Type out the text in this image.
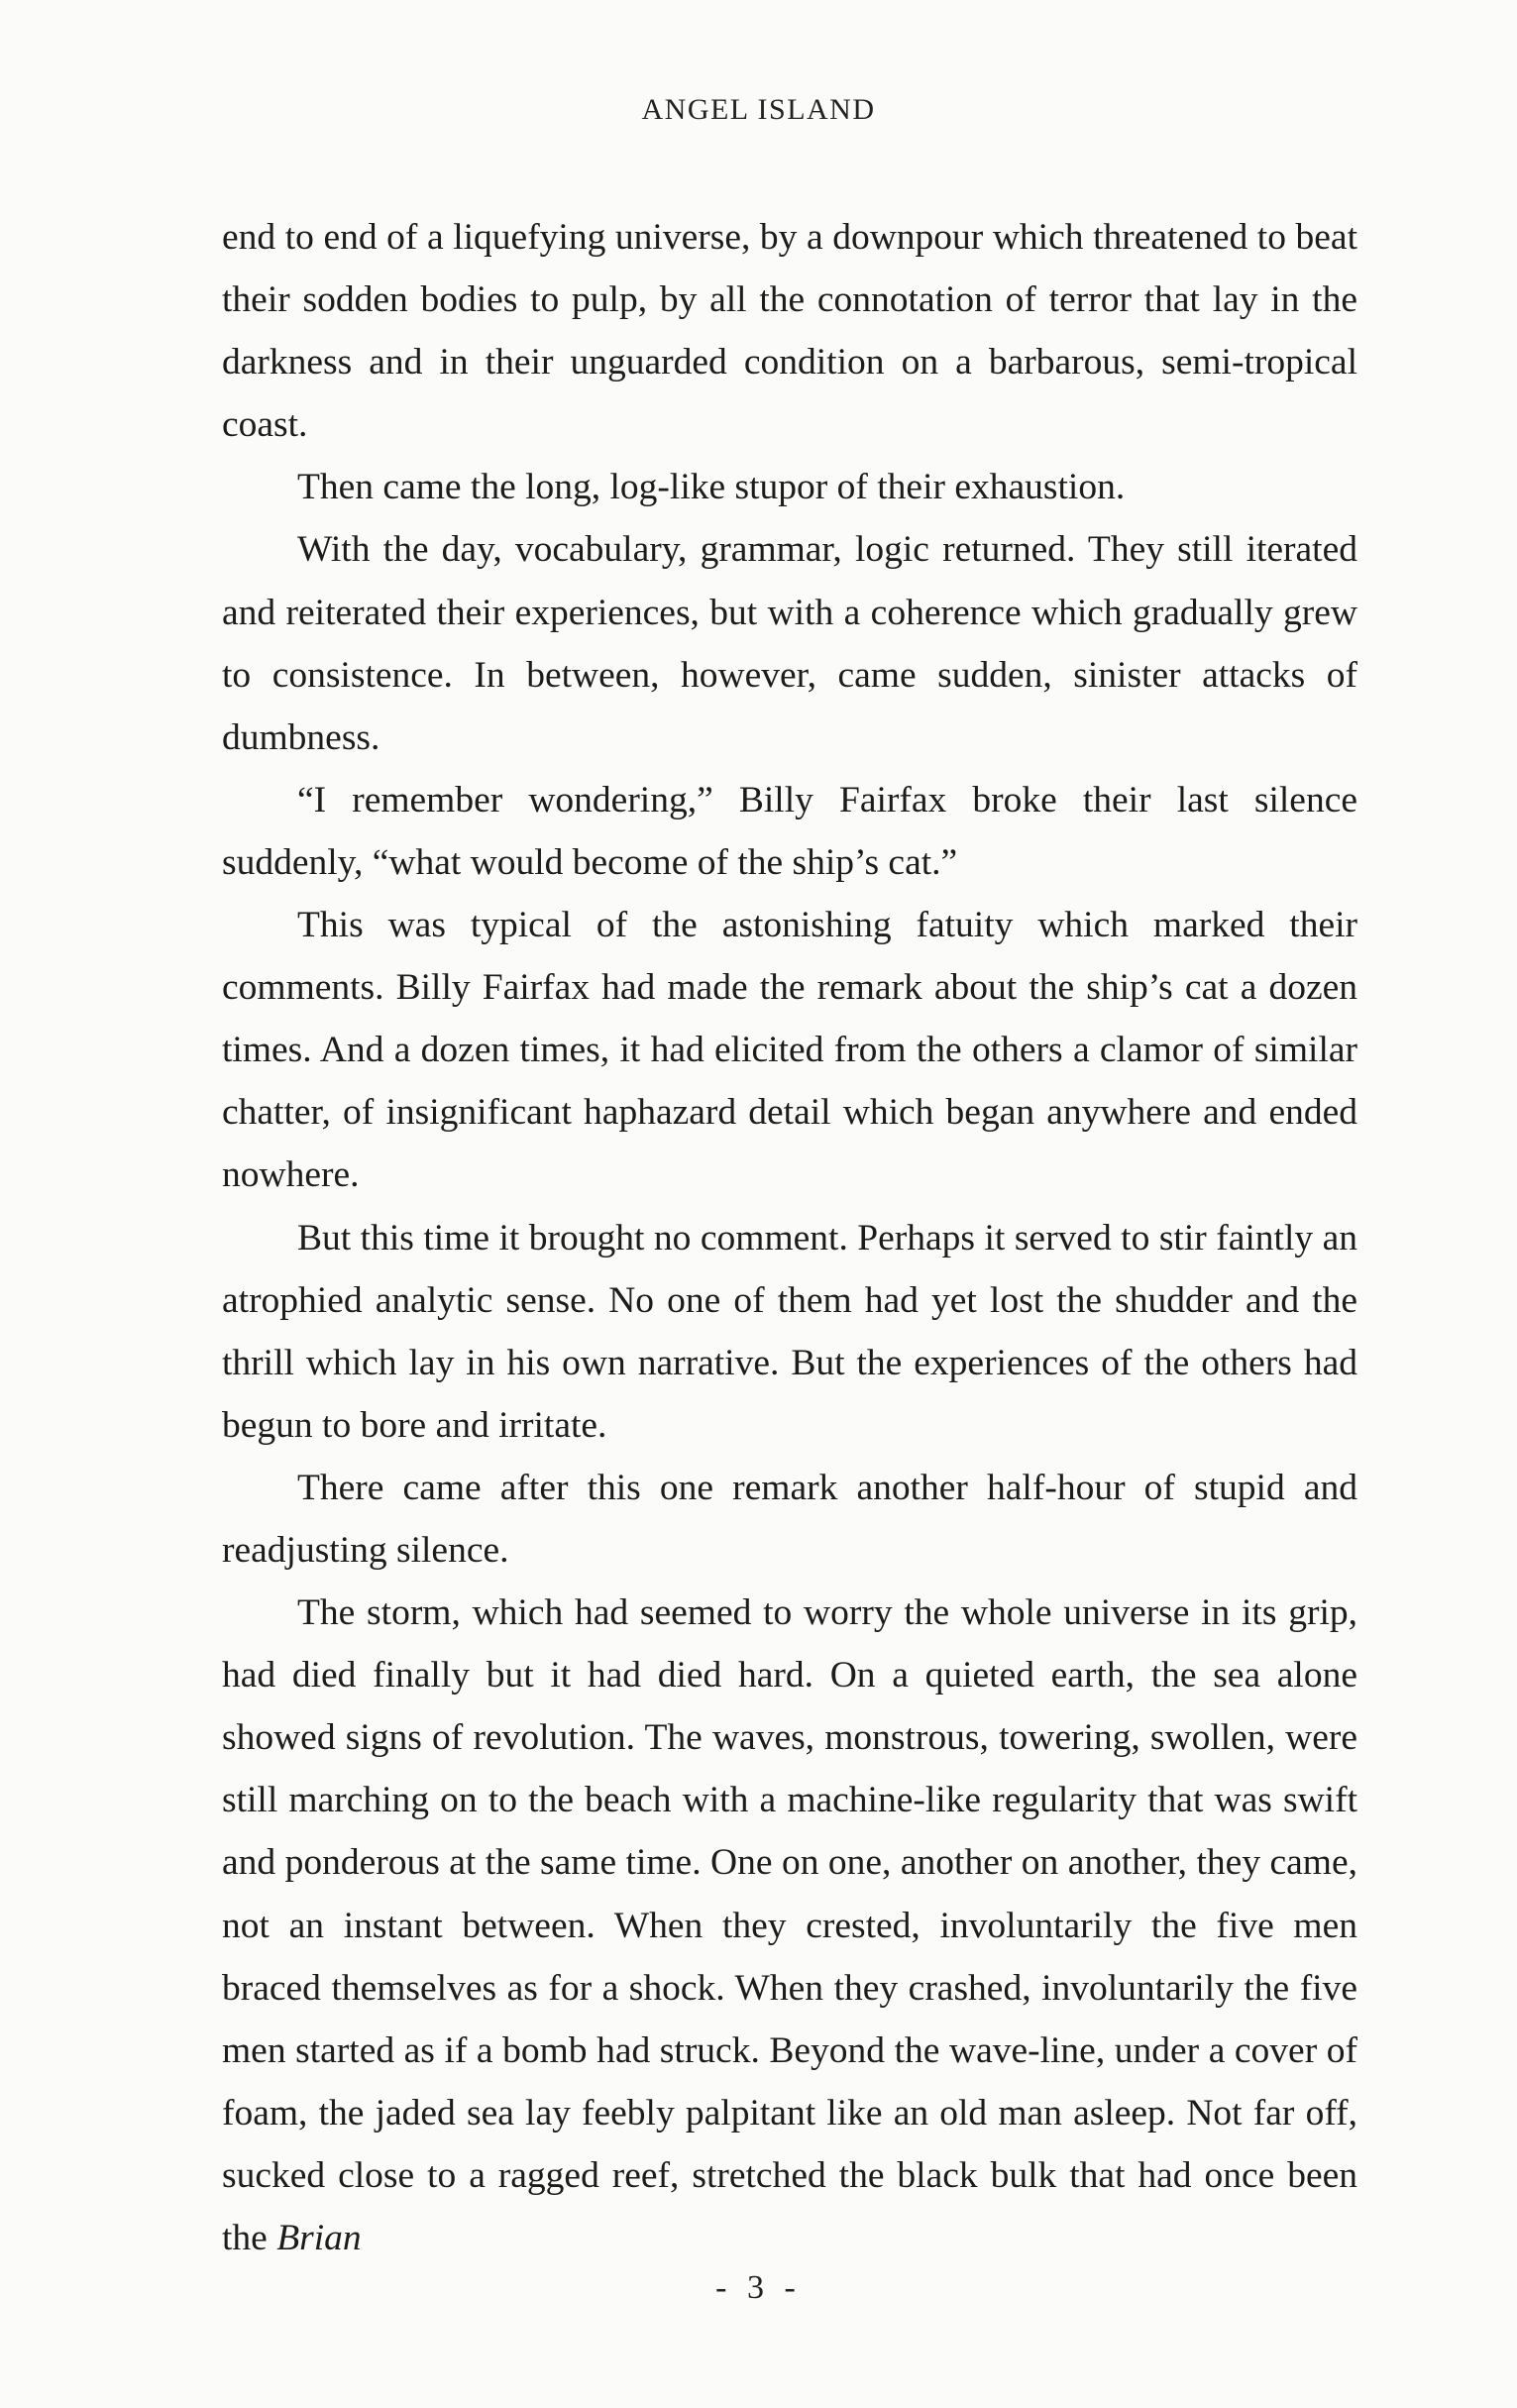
ANGEL ISLAND

end to end of a liquefying universe, by a downpour which threatened to beat their sodden bodies to pulp, by all the connotation of terror that lay in the darkness and in their unguarded condition on a barbarous, semi-tropical coast.

Then came the long, log-like stupor of their exhaustion.

With the day, vocabulary, grammar, logic returned. They still iterated and reiterated their experiences, but with a coherence which gradually grew to consistence. In between, however, came sudden, sinister attacks of dumbness.

“I remember wondering,” Billy Fairfax broke their last silence suddenly, “what would become of the ship’s cat.”

This was typical of the astonishing fatuity which marked their comments. Billy Fairfax had made the remark about the ship’s cat a dozen times. And a dozen times, it had elicited from the others a clamor of similar chatter, of insignificant haphazard detail which began anywhere and ended nowhere.

But this time it brought no comment. Perhaps it served to stir faintly an atrophied analytic sense. No one of them had yet lost the shudder and the thrill which lay in his own narrative. But the experiences of the others had begun to bore and irritate.

There came after this one remark another half-hour of stupid and readjusting silence.

The storm, which had seemed to worry the whole universe in its grip, had died finally but it had died hard. On a quieted earth, the sea alone showed signs of revolution. The waves, monstrous, towering, swollen, were still marching on to the beach with a machine-like regularity that was swift and ponderous at the same time. One on one, another on another, they came, not an instant between. When they crested, involuntarily the five men braced themselves as for a shock. When they crashed, involuntarily the five men started as if a bomb had struck. Beyond the wave-line, under a cover of foam, the jaded sea lay feebly palpitant like an old man asleep. Not far off, sucked close to a ragged reef, stretched the black bulk that had once been the Brian

- 3 -
